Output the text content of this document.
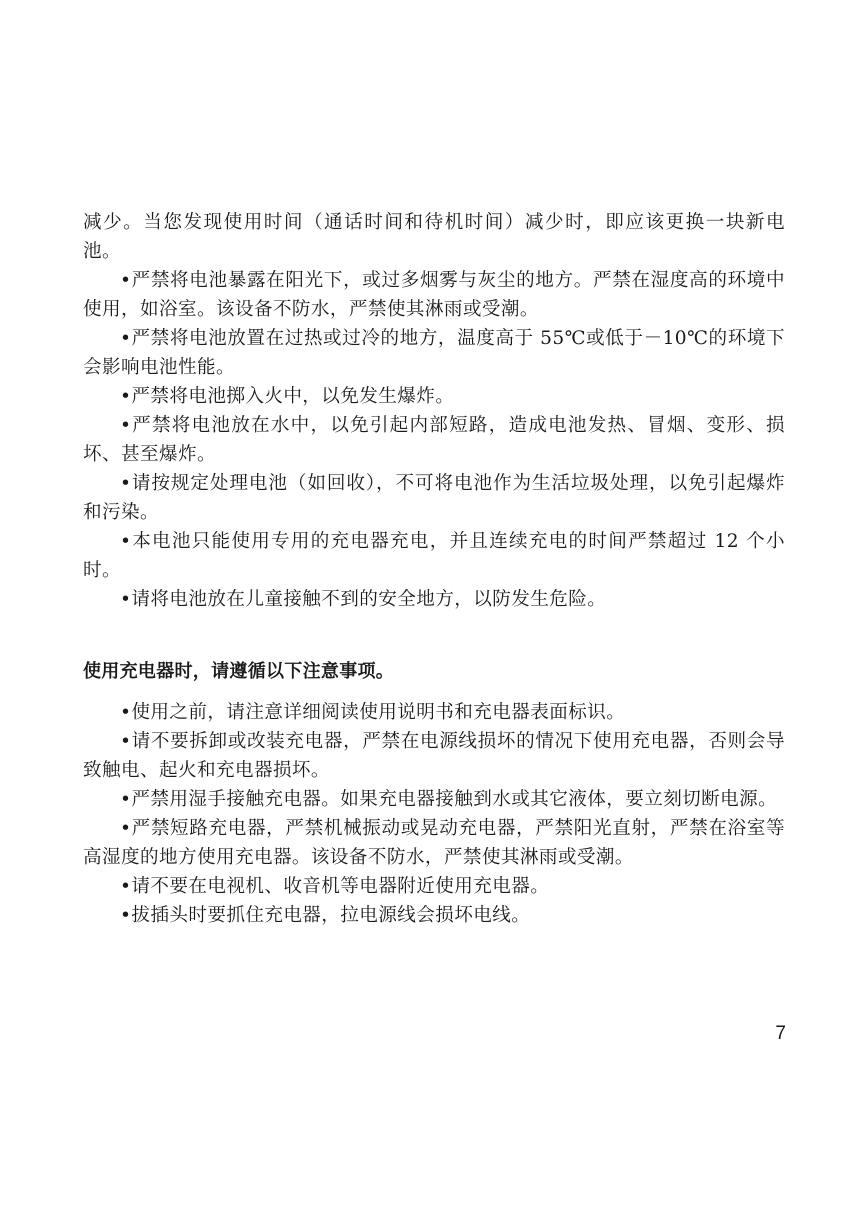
减少。当您发现使用时间（通话时间和待机时间）减少时，即应该更换一块新电池。

•严禁将电池暴露在阳光下，或过多烟雾与灰尘的地方。严禁在湿度高的环境中使用，如浴室。该设备不防水，严禁使其淋雨或受潮。

•严禁将电池放置在过热或过冷的地方，温度高于 55℃或低于－10℃的环境下会影响电池性能。

•严禁将电池掷入火中，以免发生爆炸。

•严禁将电池放在水中，以免引起内部短路，造成电池发热、冒烟、变形、损坏、甚至爆炸。

•请按规定处理电池（如回收），不可将电池作为生活垃圾处理，以免引起爆炸和污染。

•本电池只能使用专用的充电器充电，并且连续充电的时间严禁超过 12 个小时。

•请将电池放在儿童接触不到的安全地方，以防发生危险。

使用充电器时，请遵循以下注意事项。

•使用之前，请注意详细阅读使用说明书和充电器表面标识。

•请不要拆卸或改装充电器，严禁在电源线损坏的情况下使用充电器，否则会导致触电、起火和充电器损坏。

•严禁用湿手接触充电器。如果充电器接触到水或其它液体，要立刻切断电源。

•严禁短路充电器，严禁机械振动或晃动充电器，严禁阳光直射，严禁在浴室等高湿度的地方使用充电器。该设备不防水，严禁使其淋雨或受潮。

•请不要在电视机、收音机等电器附近使用充电器。

•拔插头时要抓住充电器，拉电源线会损坏电线。

7
